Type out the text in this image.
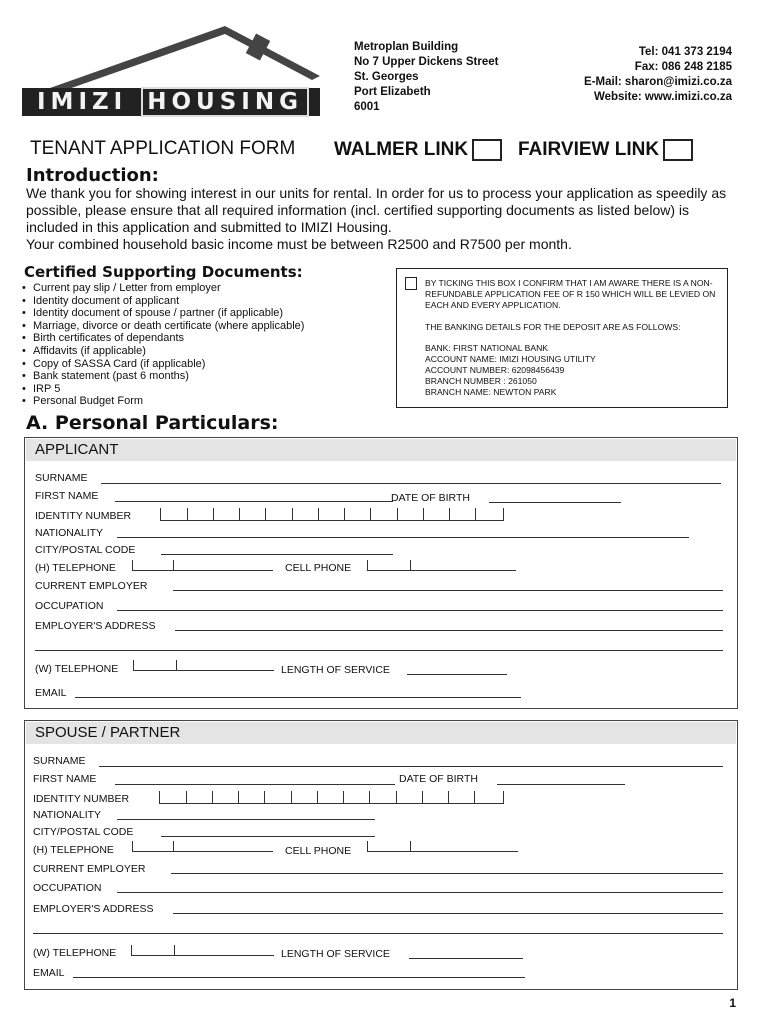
IMIZI HOUSING
Metroplan Building
No 7 Upper Dickens Street
St. Georges
Port Elizabeth
6001
Tel: 041 373 2194
Fax: 086 248 2185
E-Mail: sharon@imizi.co.za
Website: www.imizi.co.za
TENANT APPLICATION FORM WALMER LINK	FAIRVIEW LINK
Introduction:
We thank you for showing interest in our units for rental. In order for us to process your application as speedily as possible, please ensure that all required information (incl. certified supporting documents as listed below) is included in this application and submitted to IMIZI Housing.
Your combined household basic income must be between R2500 and R7500 per month.
Certified Supporting Documents:
• Current pay slip / Letter from employer
• Identity document of applicant
• Identity document of spouse / partner (if applicable)
• Marriage, divorce or death certificate (where applicable)
• Birth certificates of dependants
• Affidavits (if applicable)
• Copy of SASSA Card (if applicable)
• Bank statement (past 6 months)
• IRP 5
• Personal Budget Form
BY TICKING THIS BOX I CONFIRM THAT I AM AWARE THERE IS A NON-REFUNDABLE APPLICATION FEE OF R 150 WHICH WILL BE LEVIED ON EACH AND EVERY APPLICATION.
THE BANKING DETAILS FOR THE DEPOSIT ARE AS FOLLOWS:
BANK: FIRST NATIONAL BANK
ACCOUNT NAME: IMIZI HOUSING UTILITY
ACCOUNT NUMBER: 62098456439
BRANCH NUMBER : 261050
BRANCH NAME: NEWTON PARK
A. Personal Particulars:
APPLICANT
SURNAME
FIRST NAME	DATE OF BIRTH
IDENTITY NUMBER
NATIONALITY
CITY/POSTAL CODE
(H) TELEPHONE	CELL PHONE
CURRENT EMPLOYER
OCCUPATION
EMPLOYER'S ADDRESS
(W) TELEPHONE	LENGTH OF SERVICE
EMAIL
SPOUSE / PARTNER
SURNAME
FIRST NAME	DATE OF BIRTH
IDENTITY NUMBER
NATIONALITY
CITY/POSTAL CODE
(H) TELEPHONE	CELL PHONE
CURRENT EMPLOYER
OCCUPATION
EMPLOYER'S ADDRESS
(W) TELEPHONE	LENGTH OF SERVICE
EMAIL
1
